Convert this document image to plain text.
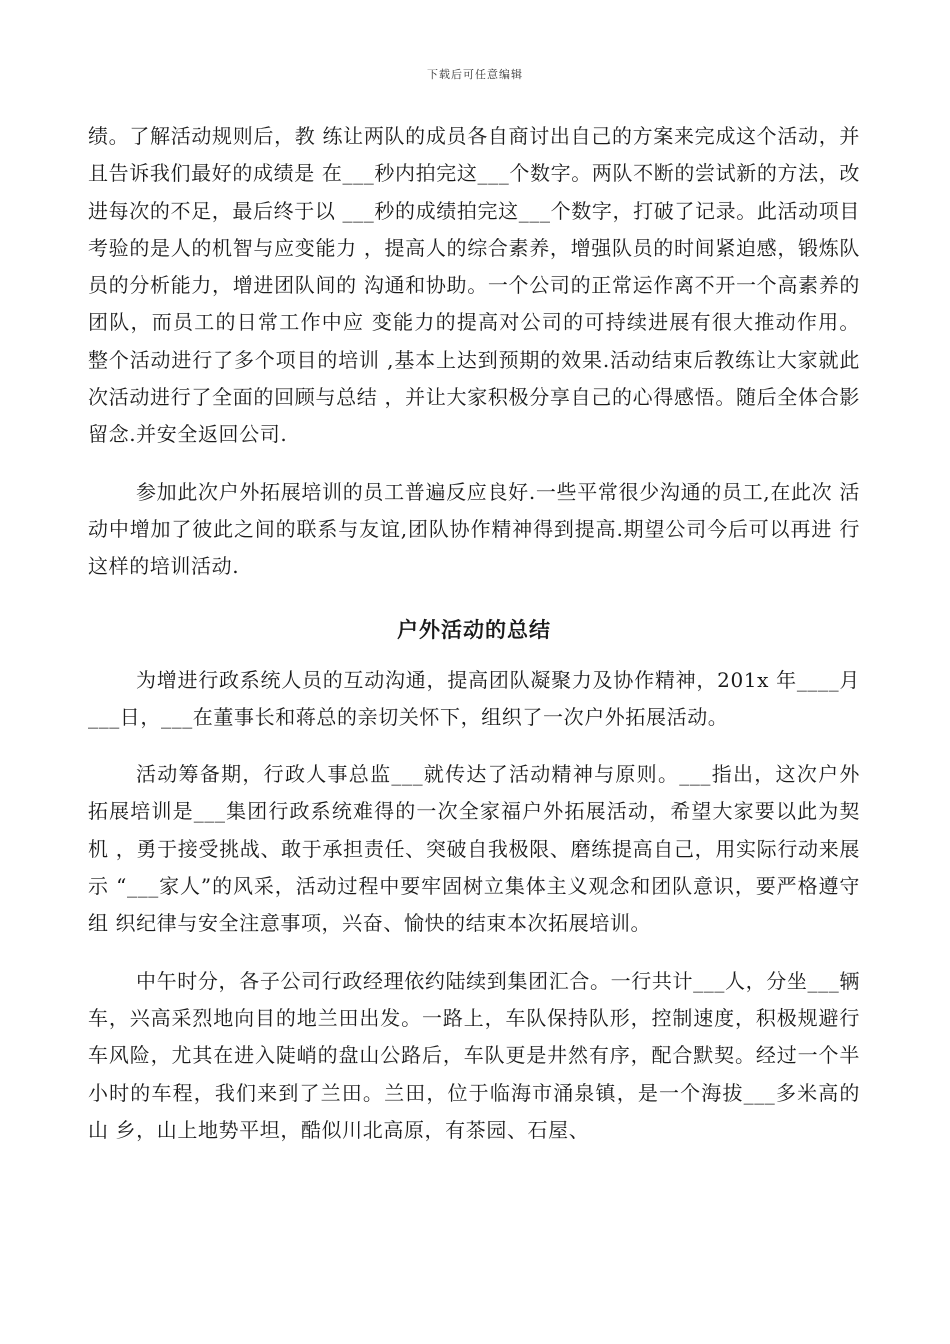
下载后可任意编辑

绩。了解活动规则后，教 练让两队的成员各自商讨出自己的方案来完成这个活动，并且告诉我们最好的成绩是 在___秒内拍完这___个数字。两队不断的尝试新的方法，改进每次的不足，最后终于以 ___秒的成绩拍完这___个数字，打破了记录。此活动项目考验的是人的机智与应变能力 ，提高人的综合素养，增强队员的时间紧迫感，锻炼队员的分析能力，增进团队间的 沟通和协助。一个公司的正常运作离不开一个高素养的团队，而员工的日常工作中应 变能力的提高对公司的可持续进展有很大推动作用。 整个活动进行了多个项目的培训 ,基本上达到预期的效果.活动结束后教练让大家就此次活动进行了全面的回顾与总结 ，并让大家积极分享自己的心得感悟。随后全体合影留念.并安全返回公司.

参加此次户外拓展培训的员工普遍反应良好.一些平常很少沟通的员工,在此次 活动中增加了彼此之间的联系与友谊,团队协作精神得到提高.期望公司今后可以再进 行这样的培训活动.

户外活动的总结

为增进行政系统人员的互动沟通，提高团队凝聚力及协作精神，201x 年____月___日，___在董事长和蒋总的亲切关怀下，组织了一次户外拓展活动。

活动筹备期，行政人事总监___就传达了活动精神与原则。___指出，这次户外 拓展培训是___集团行政系统难得的一次全家福户外拓展活动，希望大家要以此为契机 ，勇于接受挑战、敢于承担责任、突破自我极限、磨练提高自己，用实际行动来展示 “___家人”的风采，活动过程中要牢固树立集体主义观念和团队意识，要严格遵守组 织纪律与安全注意事项，兴奋、愉快的结束本次拓展培训。

中午时分，各子公司行政经理依约陆续到集团汇合。一行共计___人，分坐___辆 车，兴高采烈地向目的地兰田出发。一路上，车队保持队形，控制速度，积极规避行 车风险，尤其在进入陡峭的盘山公路后，车队更是井然有序，配合默契。经过一个半 小时的车程，我们来到了兰田。兰田，位于临海市涌泉镇，是一个海拔___多米高的山 乡，山上地势平坦，酷似川北高原，有茶园、石屋、
